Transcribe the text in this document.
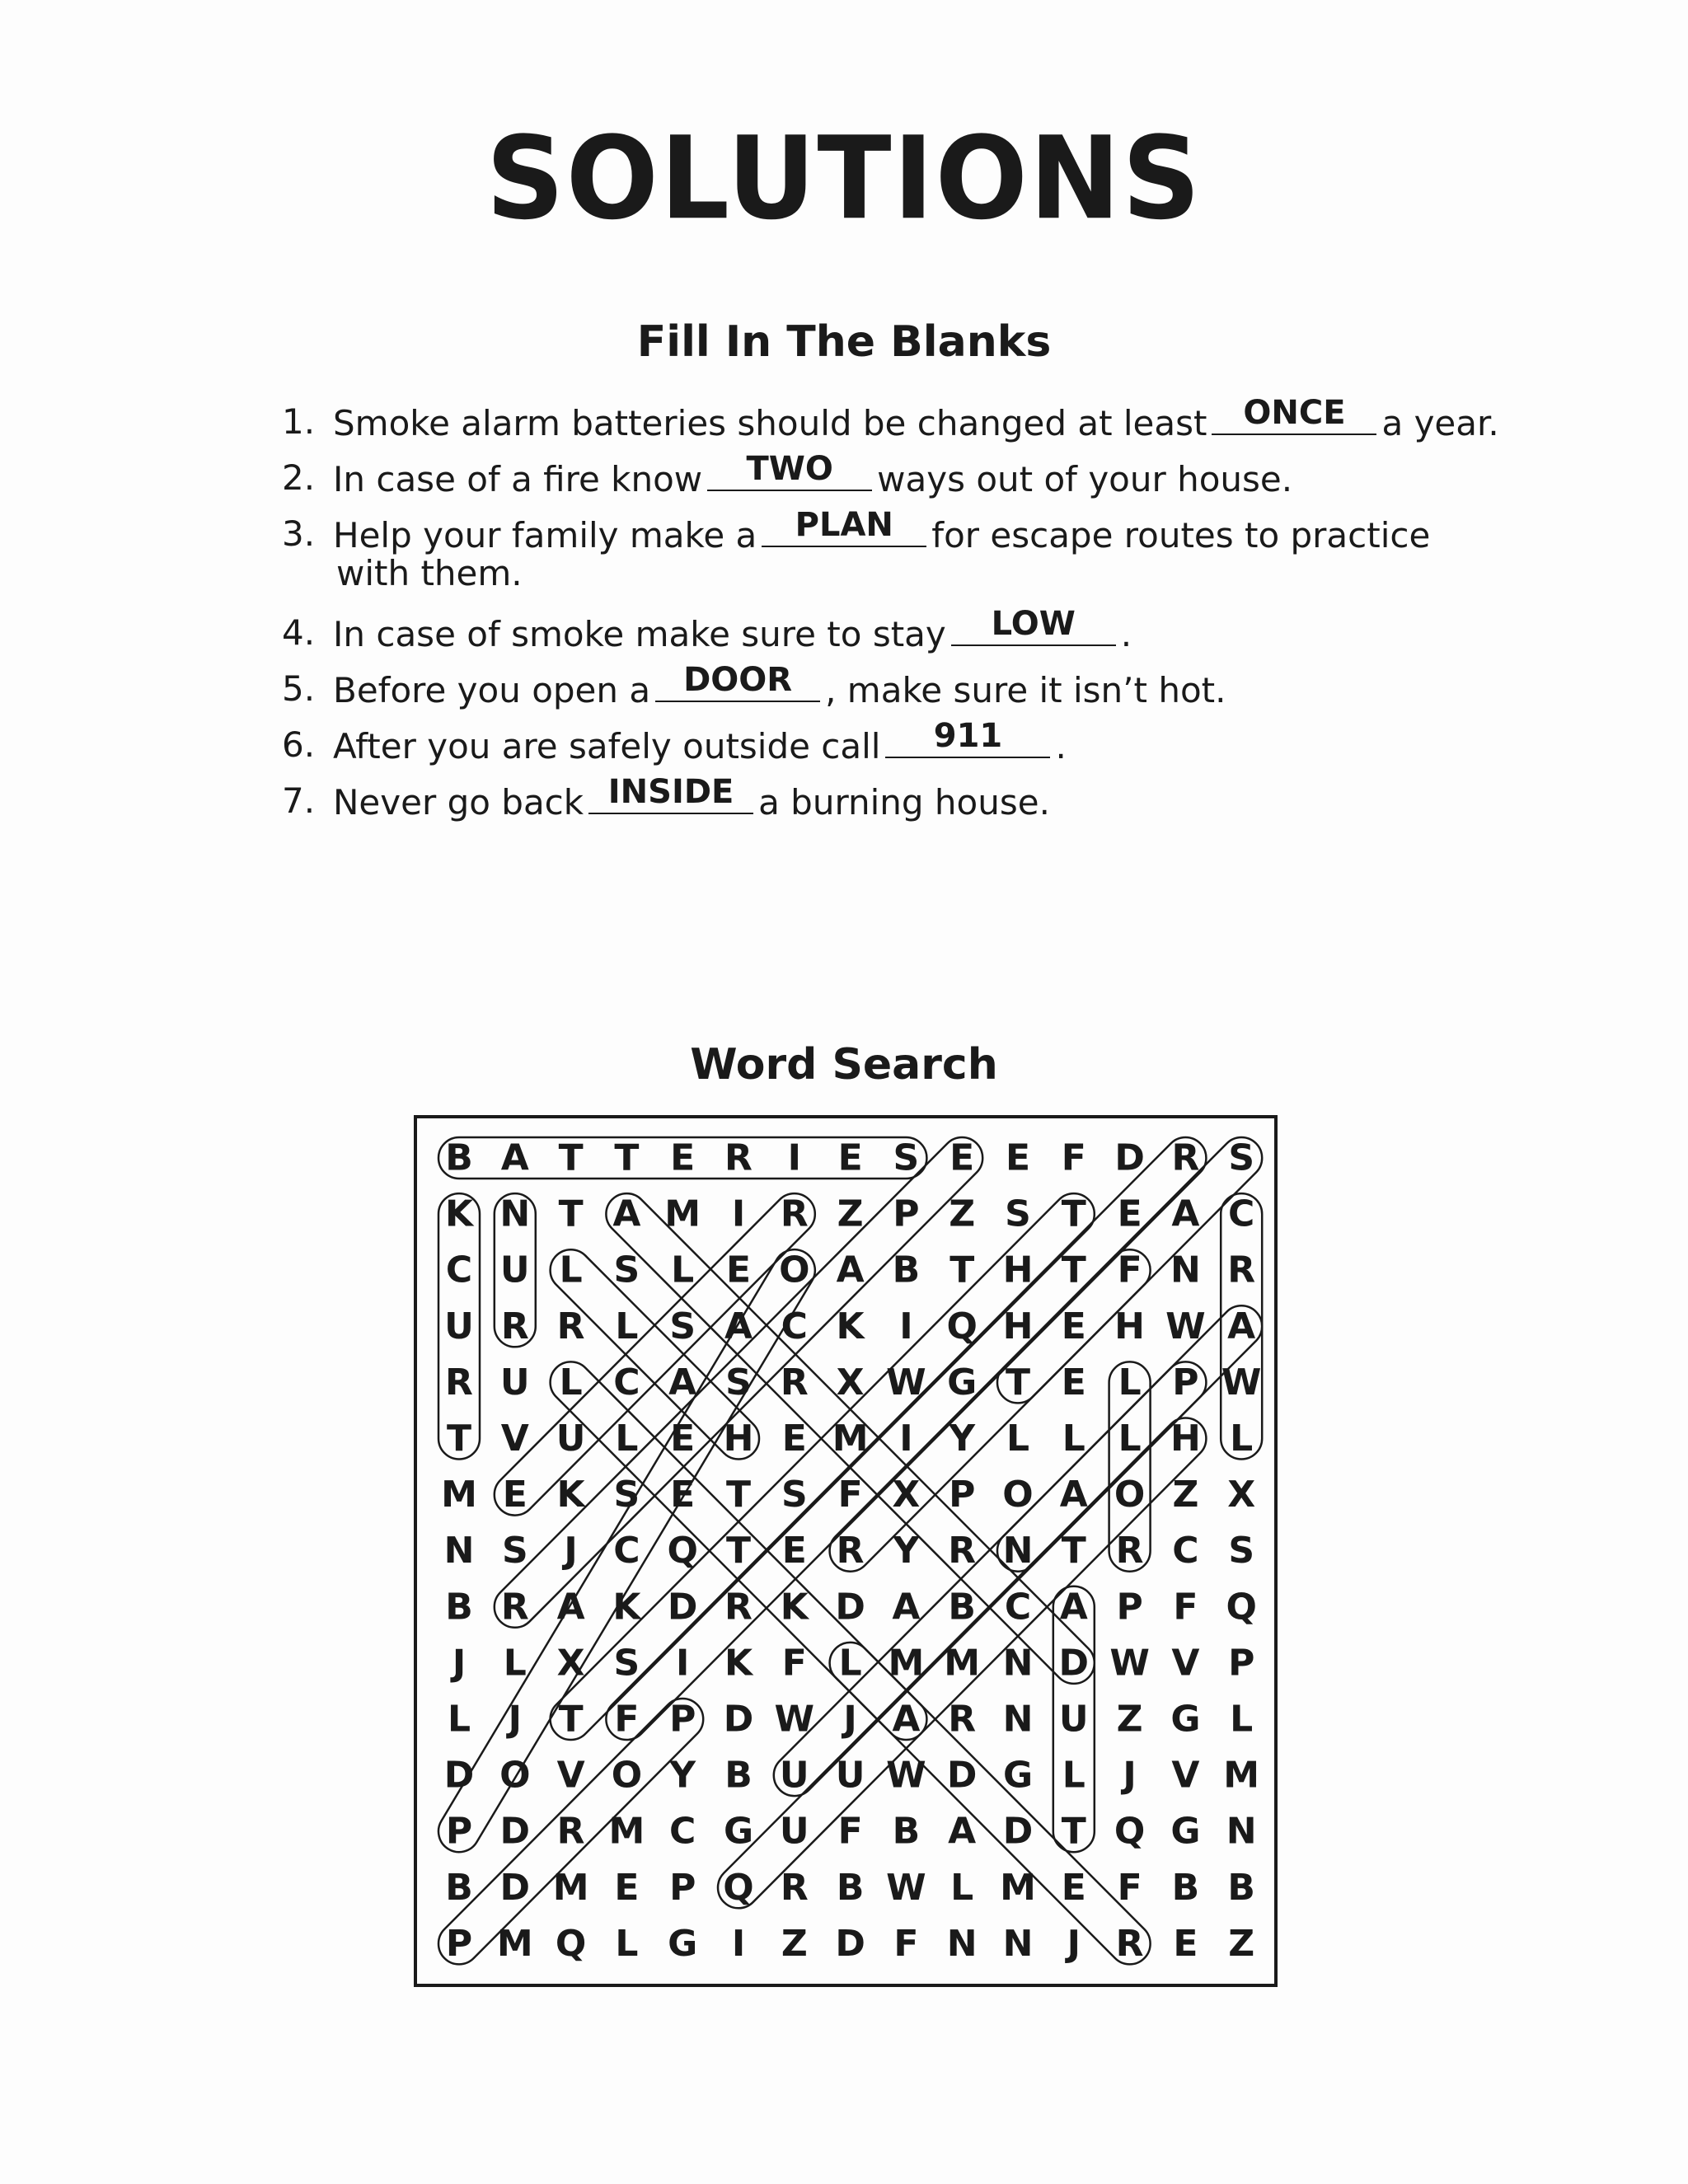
SOLUTIONS
Fill In The Blanks
1. Smoke alarm batteries should be changed at least	ONCE	a year.
2. In case of a fire know	TWO	ways out of your house.
3. Help your family make a	PLAN	for escape routes to practice
with them.
4. In case of smoke make sure to stay	LOW	.
5. Before you open a DOOR , make sure it isn’t hot.
6. After you are safely outside call	911	.
7. Never go back INSIDE a burning house.
Word Search
B A T T E R I E S E E F D R S
K N T A M I R Z P Z S T E A C
C U L S L E O A B T H T F N R
U R R L S A C K I Q H E H W A
R U L C A S R X W G T E L P W
T V U L E H E M I Y L L L H L
M E K S E T S F X P O A O Z X
N S J C Q T E R Y R N T R C S
B R A K D R K D A B C A P F Q
J L X S I K F L M M N D W V P
L J T F P D W J A R N U Z G L
D O V O Y B U U W D G L J V M
P D R M C G U F B A D T Q G N
B D M E P Q R B W L M E F B B
P M Q L G I Z D F N N J R E Z
